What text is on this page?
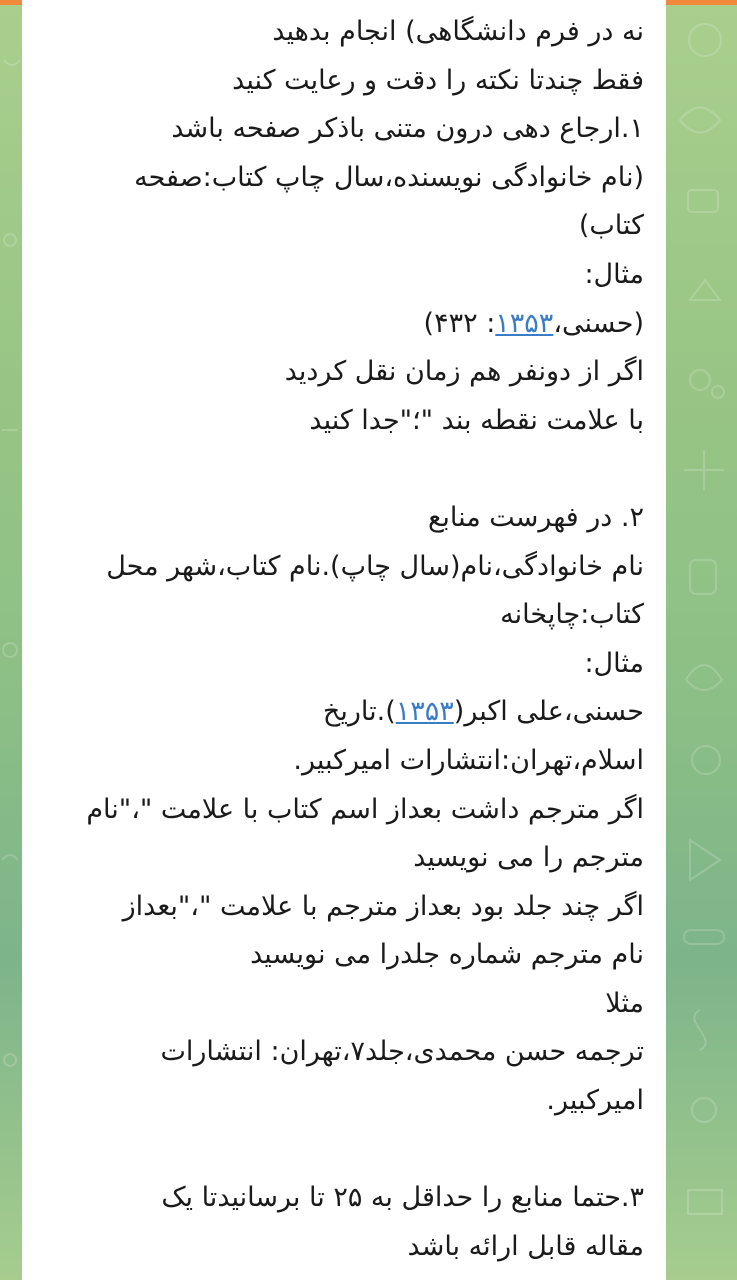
نه در فرم دانشگاهی) انجام بدهید
فقط چندتا نکته را دقت و رعایت کنید
۱.ارجاع دهی درون متنی باذکر صفحه باشد
(نام خانوادگی نویسنده،سال چاپ کتاب:صفحه
کتاب)
مثال:
(حسنی،۱۳۵۳: ۴۳۲)
اگر از دونفر هم زمان نقل کردید
با علامت نقطه بند "؛"جدا کنید
۲. در فهرست منابع
نام خانوادگی،نام(سال چاپ).نام کتاب،شهر محل
کتاب:چاپخانه
مثال:
حسنی،علی اکبر(۱۳۵۳).تاریخ
اسلام،تهران:انتشارات امیرکبیر.
اگر مترجم داشت بعداز اسم کتاب با علامت "،"نام
مترجم را می نویسید
اگر چند جلد بود بعداز مترجم با علامت "،"بعداز
نام مترجم شماره جلدرا می نویسید
مثلا
ترجمه حسن محمدی،جلد۷،تهران: انتشارات
امیرکبیر.
۳.حتما منابع را حداقل به ۲۵ تا برسانیدتا یک
مقاله قابل ارائه باشد
